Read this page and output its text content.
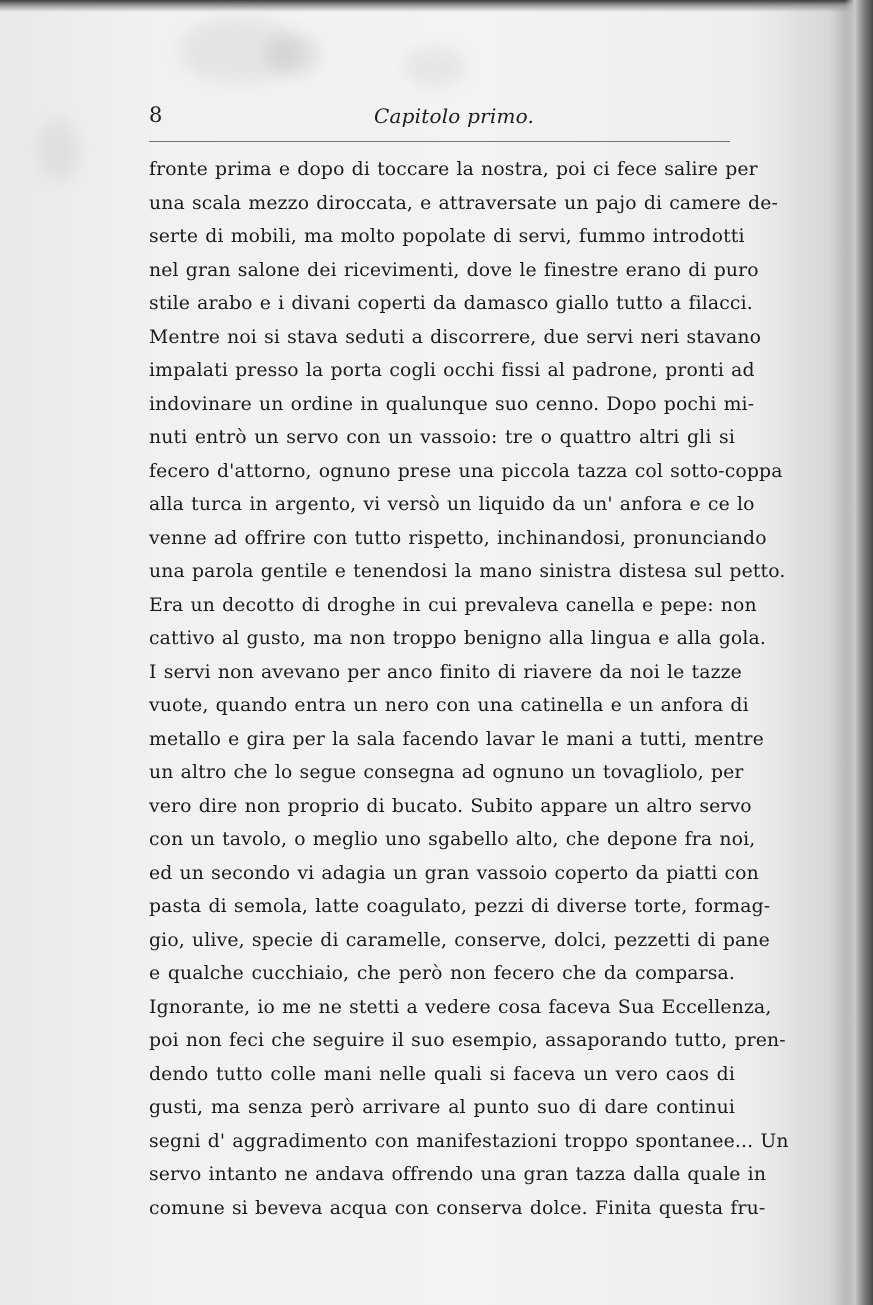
8	Capitolo primo.
fronte prima e dopo di toccare la nostra, poi ci fece salire per
una scala mezzo diroccata, e attraversate un pajo di camere de-
serte di mobili, ma molto popolate di servi, fummo introdotti
nel gran salone dei ricevimenti, dove le finestre erano di puro
stile arabo e i divani coperti da damasco giallo tutto a filacci.
Mentre noi si stava seduti a discorrere, due servi neri stavano
impalati presso la porta cogli occhi fissi al padrone, pronti ad
indovinare un ordine in qualunque suo cenno. Dopo pochi mi-
nuti entrò un servo con un vassoio: tre o quattro altri gli si
fecero d'attorno, ognuno prese una piccola tazza col sotto-coppa
alla turca in argento, vi versò un liquido da un' anfora e ce lo
venne ad offrire con tutto rispetto, inchinandosi, pronunciando
una parola gentile e tenendosi la mano sinistra distesa sul petto.
Era un decotto di droghe in cui prevaleva canella e pepe: non
cattivo al gusto, ma non troppo benigno alla lingua e alla gola.
I servi non avevano per anco finito di riavere da noi le tazze
vuote, quando entra un nero con una catinella e un anfora di
metallo e gira per la sala facendo lavar le mani a tutti, mentre
un altro che lo segue consegna ad ognuno un tovagliolo, per
vero dire non proprio di bucato. Subito appare un altro servo
con un tavolo, o meglio uno sgabello alto, che depone fra noi,
ed un secondo vi adagia un gran vassoio coperto da piatti con
pasta di semola, latte coagulato, pezzi di diverse torte, formag-
gio, ulive, specie di caramelle, conserve, dolci, pezzetti di pane
e qualche cucchiaio, che però non fecero che da comparsa.
Ignorante, io me ne stetti a vedere cosa faceva Sua Eccellenza,
poi non feci che seguire il suo esempio, assaporando tutto, pren-
dendo tutto colle mani nelle quali si faceva un vero caos di
gusti, ma senza però arrivare al punto suo di dare continui
segni d' aggradimento con manifestazioni troppo spontanee... Un
servo intanto ne andava offrendo una gran tazza dalla quale in
comune si beveva acqua con conserva dolce. Finita questa fru-
